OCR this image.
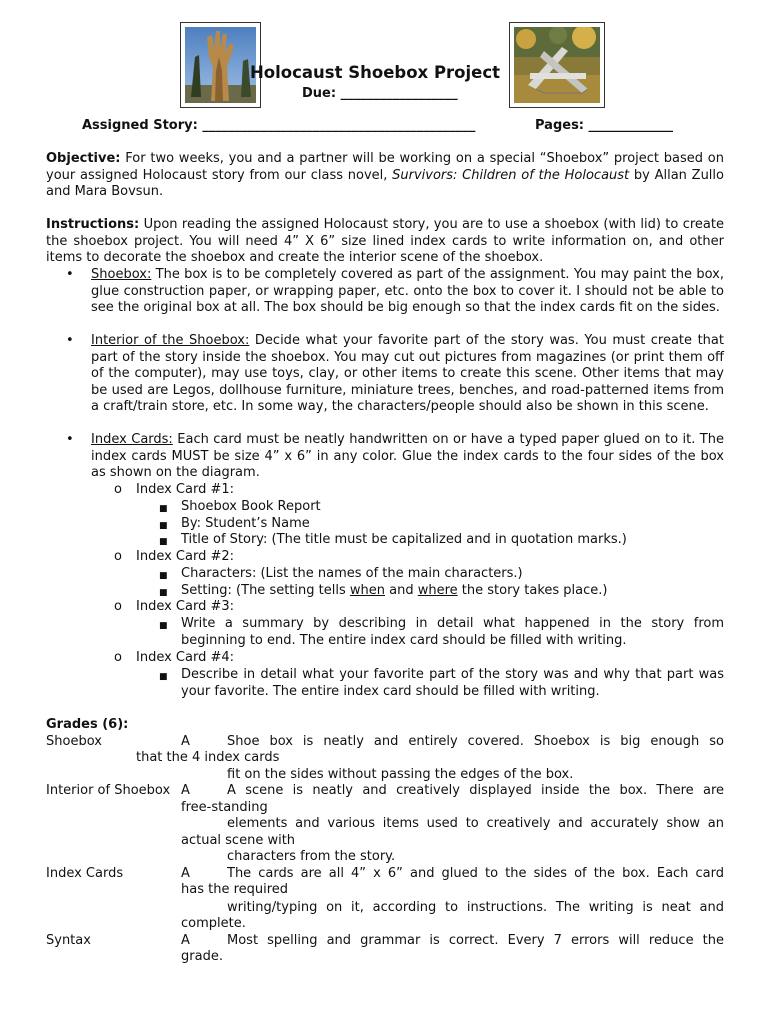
Holocaust Shoebox Project
Due: __________________
Assigned Story: __________________________________________	Pages: _____________
Objective: For two weeks, you and a partner will be working on a special “Shoebox” project based on your assigned Holocaust story from our class novel, Survivors: Children of the Holocaust by Allan Zullo and Mara Bovsun.
Instructions: Upon reading the assigned Holocaust story, you are to use a shoebox (with lid) to create the shoebox project. You will need 4” X 6” size lined index cards to write information on, and other items to decorate the shoebox and create the interior scene of the shoebox.
• Shoebox: The box is to be completely covered as part of the assignment. You may paint the box, glue construction paper, or wrapping paper, etc. onto the box to cover it. I should not be able to see the original box at all. The box should be big enough so that the index cards fit on the sides.
• Interior of the Shoebox: Decide what your favorite part of the story was. You must create that part of the story inside the shoebox. You may cut out pictures from magazines (or print them off of the computer), may use toys, clay, or other items to create this scene. Other items that may be used are Legos, dollhouse furniture, miniature trees, benches, and road-patterned items from a craft/train store, etc. In some way, the characters/people should also be shown in this scene.
• Index Cards: Each card must be neatly handwritten on or have a typed paper glued on to it. The index cards MUST be size 4” x 6” in any color. Glue the index cards to the four sides of the box as shown on the diagram.
o Index Card #1:
■ Shoebox Book Report
■ By: Student’s Name
■ Title of Story: (The title must be capitalized and in quotation marks.)
o Index Card #2:
■ Characters: (List the names of the main characters.)
■ Setting: (The setting tells when and where the story takes place.)
o Index Card #3:
■ Write a summary by describing in detail what happened in the story from beginning to end. The entire index card should be filled with writing.
o Index Card #4:
■ Describe in detail what your favorite part of the story was and why that part was your favorite. The entire index card should be filled with writing.
Grades (6):
Shoebox	A	Shoe box is neatly and entirely covered. Shoebox is big enough so
that the 4 index cards
fit on the sides without passing the edges of the box.
Interior of Shoebox A	A scene is neatly and creatively displayed inside the box. There are
free-standing
elements and various items used to creatively and accurately show an
actual scene with
characters from the story.
Index Cards	A	The cards are all 4” x 6” and glued to the sides of the box. Each card
has the required
writing/typing on it, according to instructions. The writing is neat and
complete.
Syntax	A	Most spelling and grammar is correct. Every 7 errors will reduce the
grade.
